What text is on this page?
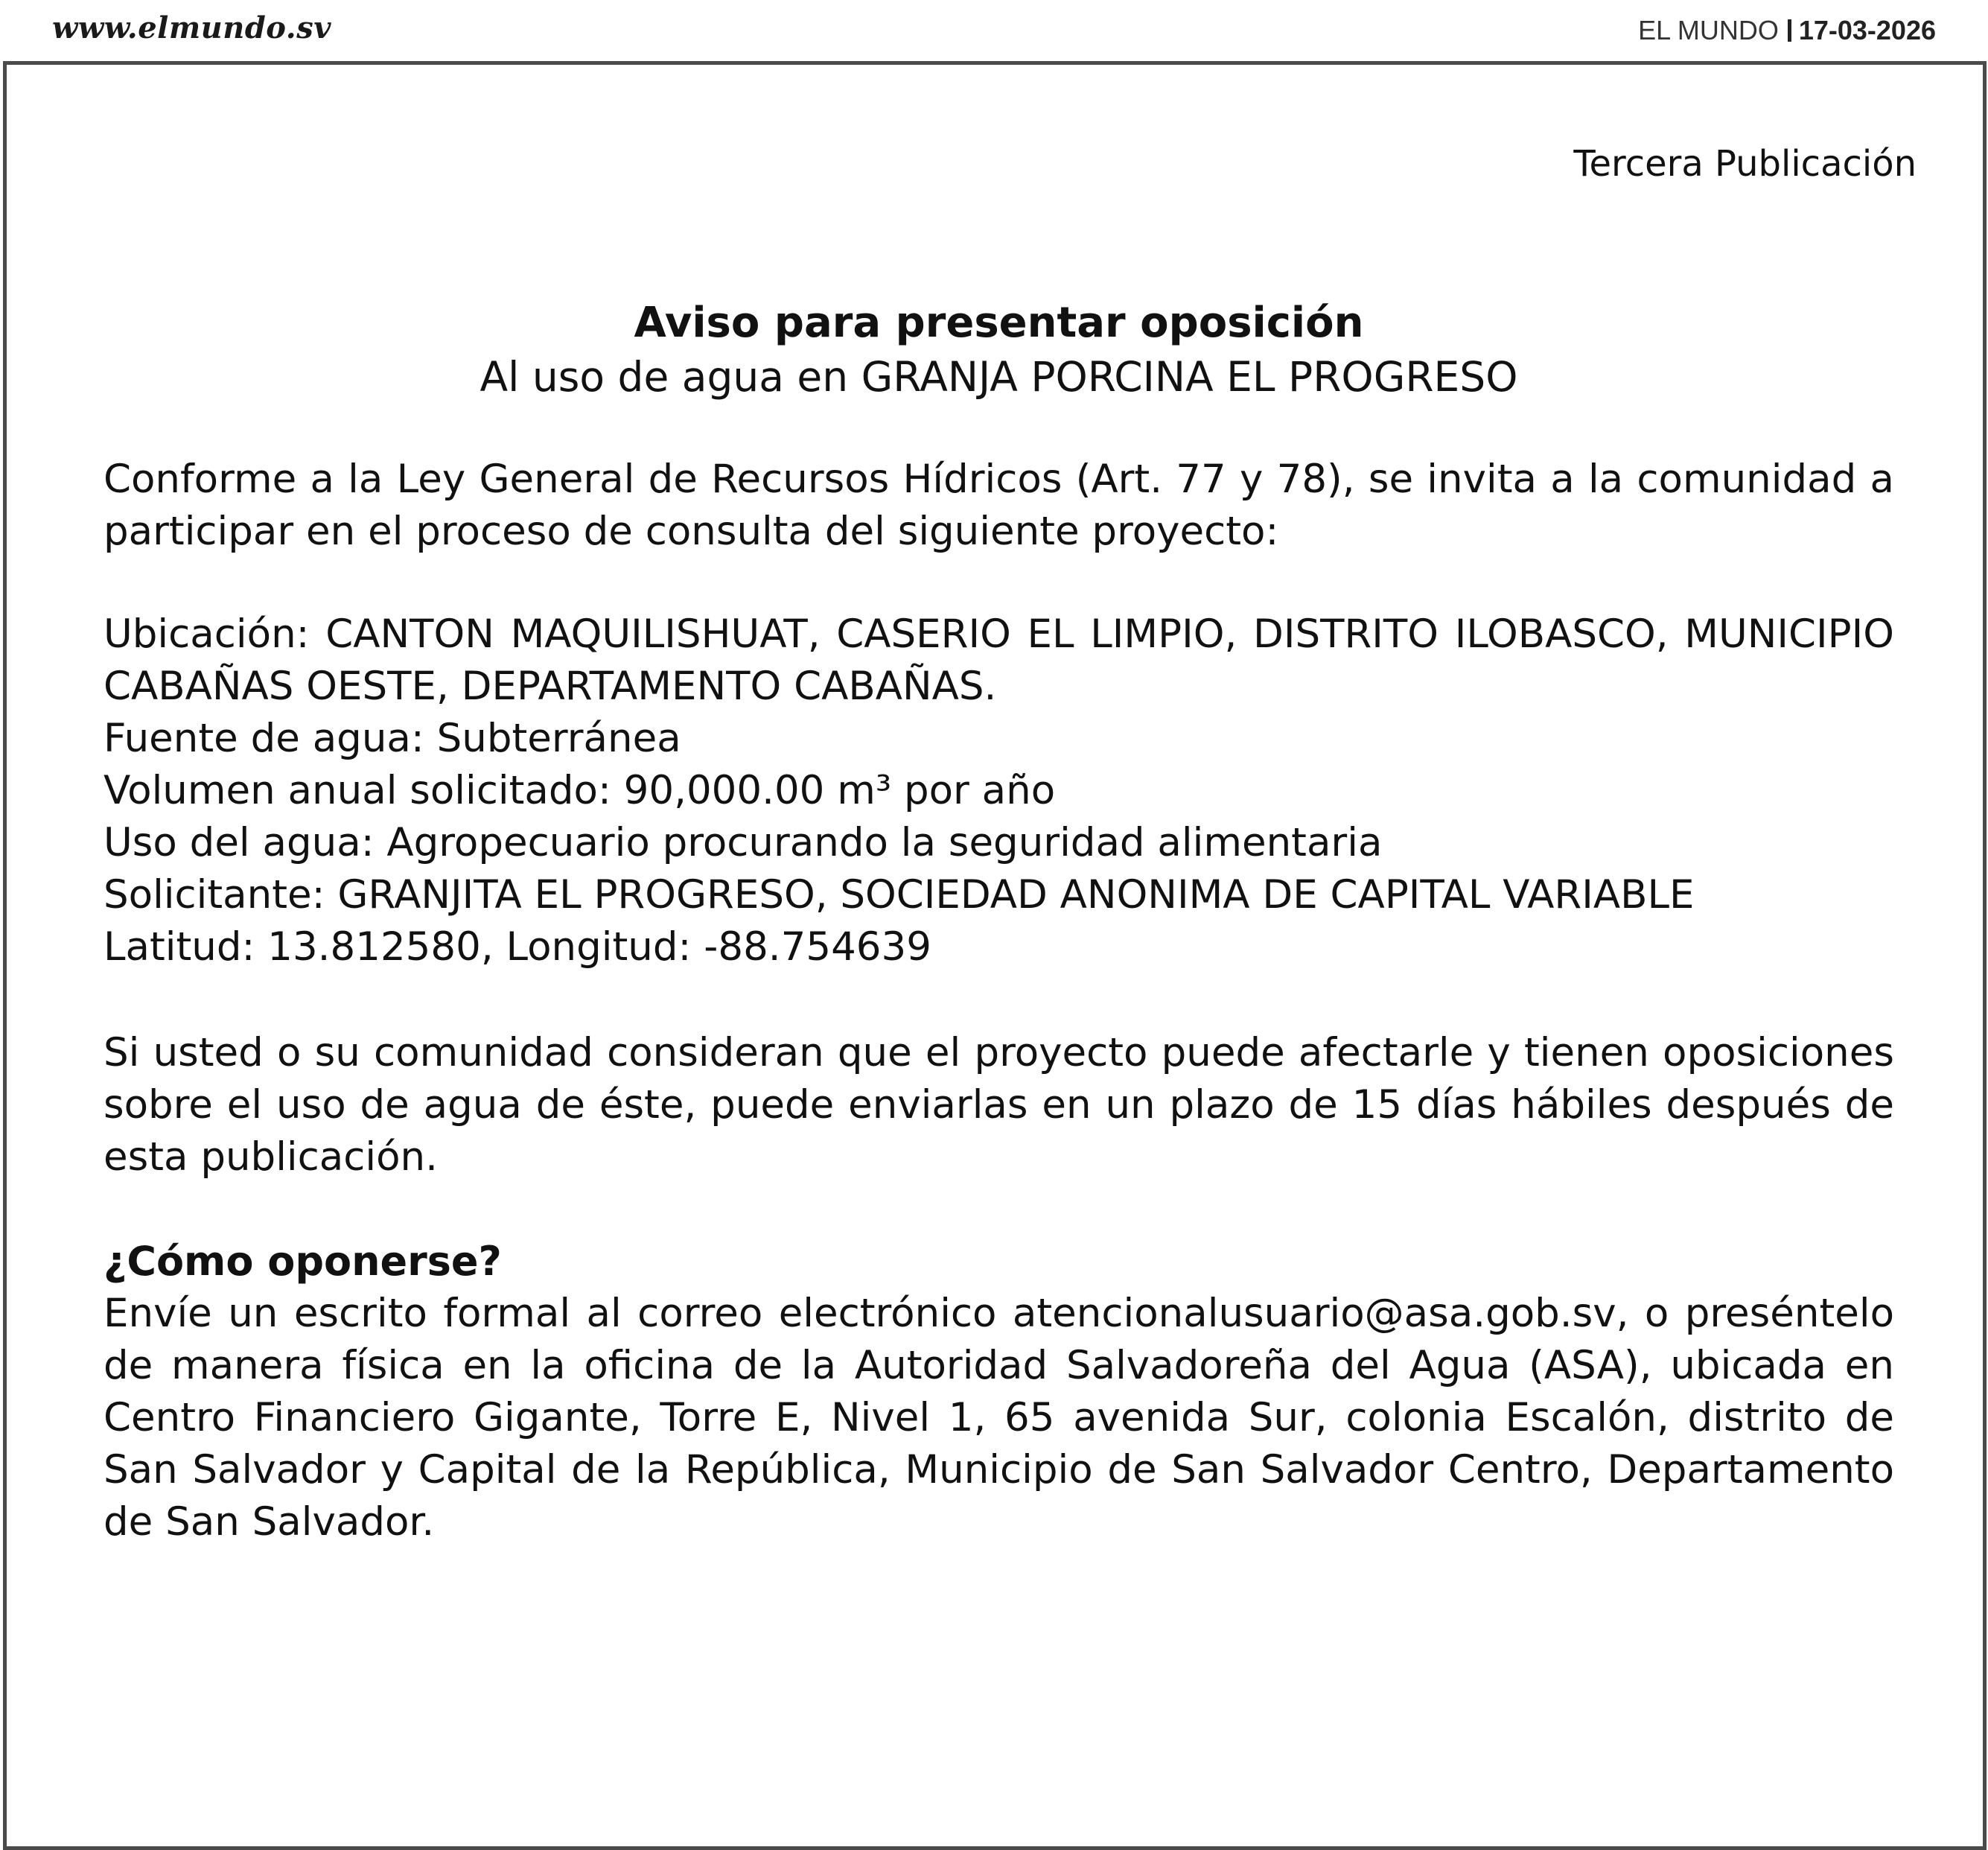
www.elmundo.sv	EL MUNDO 17-03-2026
Tercera Publicación
Aviso para presentar oposición
Al uso de agua en GRANJA PORCINA EL PROGRESO

Conforme a la Ley General de Recursos Hídricos (Art. 77 y 78), se invita a la comunidad a participar en el proceso de consulta del siguiente proyecto:

Ubicación: CANTON MAQUILISHUAT, CASERIO EL LIMPIO, DISTRITO ILOBASCO, MUNICIPIO CABAÑAS OESTE, DEPARTAMENTO CABAÑAS.
Fuente de agua: Subterránea
Volumen anual solicitado: 90,000.00 m³ por año
Uso del agua: Agropecuario procurando la seguridad alimentaria
Solicitante: GRANJITA EL PROGRESO, SOCIEDAD ANONIMA DE CAPITAL VARIABLE
Latitud: 13.812580, Longitud: -88.754639

Si usted o su comunidad consideran que el proyecto puede afectarle y tienen oposiciones sobre el uso de agua de éste, puede enviarlas en un plazo de 15 días hábiles después de esta publicación.

¿Cómo oponerse?

Envíe un escrito formal al correo electrónico atencionalusuario@asa.gob.sv, o preséntelo de manera física en la oficina de la Autoridad Salvadoreña del Agua (ASA), ubicada en Centro Financiero Gigante, Torre E, Nivel 1, 65 avenida Sur, colonia Escalón, distrito de San Salvador y Capital de la República, Municipio de San Salvador Centro, Departamento de San Salvador.
